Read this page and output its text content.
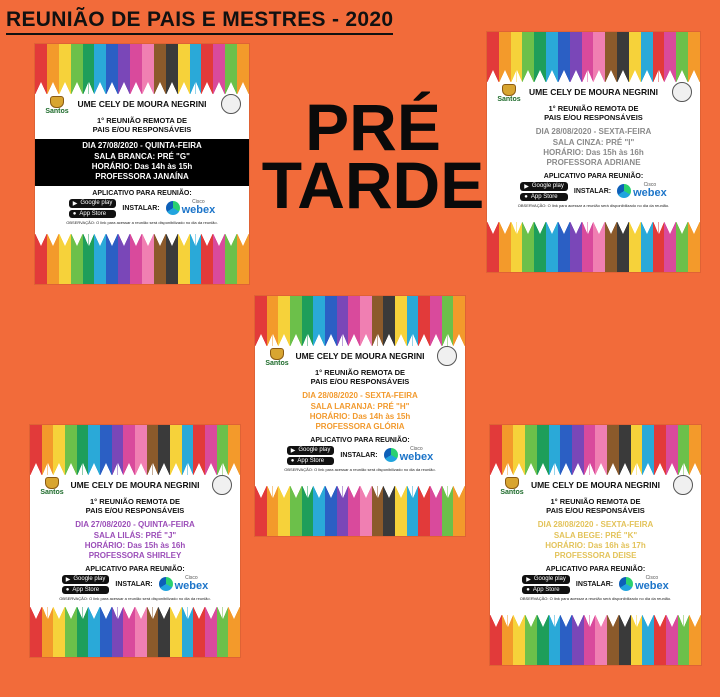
REUNIÃO DE PAIS E MESTRES - 2020
PRÉ
TARDE
Santos
UME CELY DE MOURA NEGRINI
1° REUNIÃO REMOTA DE
PAIS E/OU RESPONSÁVEIS
DIA 27/08/2020 - QUINTA-FEIRA
SALA BRANCA: PRÉ "G"
HORÁRIO: Das 14h às 15h
PROFESSORA JANAÍNA
APLICATIVO PARA REUNIÃO:
▶ Google play
● App Store
INSTALAR:
Cisco
webex
OBSERVAÇÃO: O link para acessar a reunião será disponibilizado no dia da reunião.
Santos
UME CELY DE MOURA NEGRINI
1° REUNIÃO REMOTA DE
PAIS E/OU RESPONSÁVEIS
DIA 28/08/2020 - SEXTA-FEIRA
SALA CINZA: PRÉ "I"
HORÁRIO: Das 15h às 16h
PROFESSORA ADRIANE
APLICATIVO PARA REUNIÃO:
▶ Google play
● App Store
INSTALAR:
Cisco
webex
OBSERVAÇÃO: O link para acessar a reunião será disponibilizado no dia da reunião.
Santos
UME CELY DE MOURA NEGRINI
1° REUNIÃO REMOTA DE
PAIS E/OU RESPONSÁVEIS
DIA 28/08/2020 - SEXTA-FEIRA
SALA LARANJA: PRÉ "H"
HORÁRIO: Das 14h às 15h
PROFESSORA GLÓRIA
APLICATIVO PARA REUNIÃO:
▶ Google play
● App Store
INSTALAR:
Cisco
webex
OBSERVAÇÃO: O link para acessar a reunião será disponibilizado no dia da reunião.
Santos
UME CELY DE MOURA NEGRINI
1° REUNIÃO REMOTA DE
PAIS E/OU RESPONSÁVEIS
DIA 27/08/2020 - QUINTA-FEIRA
SALA LILÁS: PRÉ "J"
HORÁRIO: Das 15h às 16h
PROFESSORA SHIRLEY
APLICATIVO PARA REUNIÃO:
▶ Google play
● App Store
INSTALAR:
Cisco
webex
OBSERVAÇÃO: O link para acessar a reunião será disponibilizado no dia da reunião.
Santos
UME CELY DE MOURA NEGRINI
1° REUNIÃO REMOTA DE
PAIS E/OU RESPONSÁVEIS
DIA 28/08/2020 - SEXTA-FEIRA
SALA BEGE: PRÉ "K"
HORÁRIO: Das 16h às 17h
PROFESSORA DEISE
APLICATIVO PARA REUNIÃO:
▶ Google play
● App Store
INSTALAR:
Cisco
webex
OBSERVAÇÃO: O link para acessar a reunião será disponibilizado no dia da reunião.
